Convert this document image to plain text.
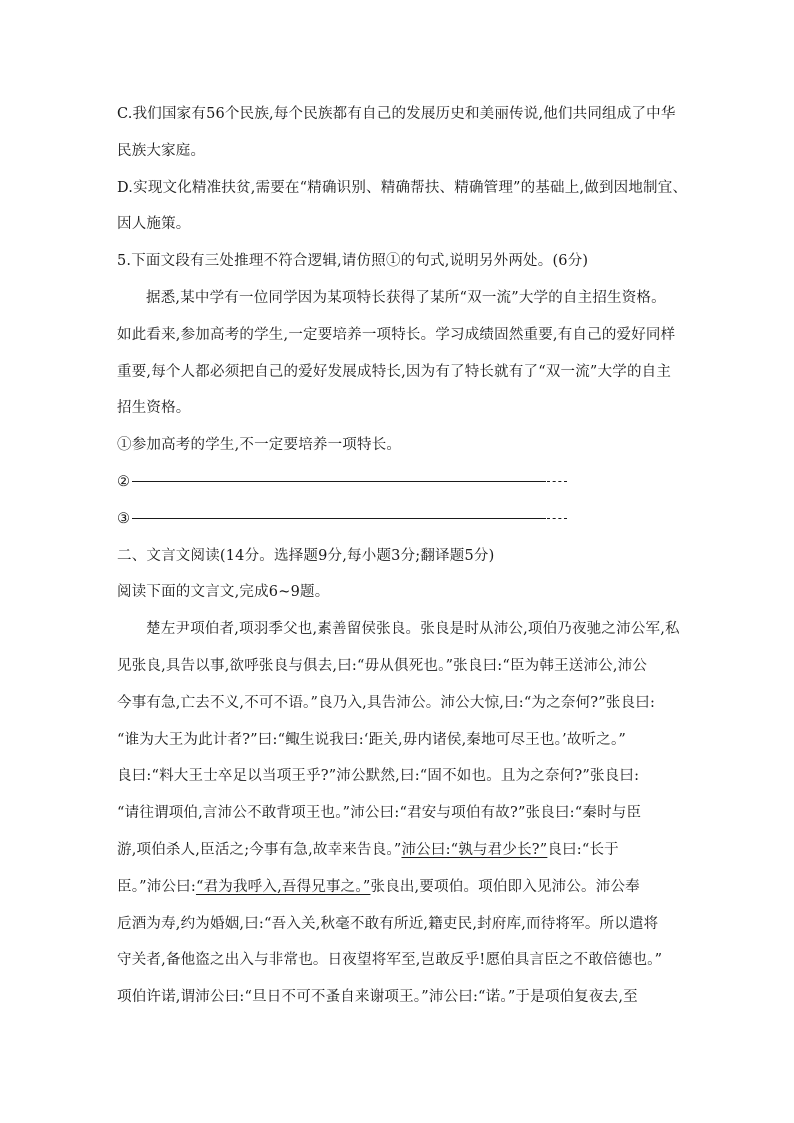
C.我们国家有56个民族,每个民族都有自己的发展历史和美丽传说,他们共同组成了中华
民族大家庭。
D.实现文化精准扶贫,需要在“精确识别、精确帮扶、精确管理”的基础上,做到因地制宜、
因人施策。
5.下面文段有三处推理不符合逻辑,请仿照①的句式,说明另外两处。(6分)
据悉,某中学有一位同学因为某项特长获得了某所“双一流”大学的自主招生资格。
如此看来,参加高考的学生,一定要培养一项特长。学习成绩固然重要,有自己的爱好同样
重要,每个人都必须把自己的爱好发展成特长,因为有了特长就有了“双一流”大学的自主
招生资格。
①参加高考的学生,不一定要培养一项特长。
②
③
二、文言文阅读(14分。选择题9分,每小题3分;翻译题5分)
阅读下面的文言文,完成6~9题。
楚左尹项伯者,项羽季父也,素善留侯张良。张良是时从沛公,项伯乃夜驰之沛公军,私
见张良,具告以事,欲呼张良与俱去,曰:“毋从俱死也。”张良曰:“臣为韩王送沛公,沛公
今事有急,亡去不义,不可不语。”良乃入,具告沛公。沛公大惊,曰:“为之奈何?”张良曰:
“谁为大王为此计者?”曰:“鲰生说我曰:‘距关,毋内诸侯,秦地可尽王也。’故听之。”
良曰:“料大王士卒足以当项王乎?”沛公默然,曰:“固不如也。且为之奈何?”张良曰:
“请往谓项伯,言沛公不敢背项王也。”沛公曰:“君安与项伯有故?”张良曰:“秦时与臣
游,项伯杀人,臣活之;今事有急,故幸来告良。”沛公曰:“孰与君少长?”良曰:“长于
臣。”沛公曰:“君为我呼入,吾得兄事之。”张良出,要项伯。项伯即入见沛公。沛公奉
卮酒为寿,约为婚姻,曰:“吾入关,秋毫不敢有所近,籍吏民,封府库,而待将军。所以遣将
守关者,备他盗之出入与非常也。日夜望将军至,岂敢反乎!愿伯具言臣之不敢倍德也。”
项伯许诺,谓沛公曰:“旦日不可不蚤自来谢项王。”沛公曰:“诺。”于是项伯复夜去,至
